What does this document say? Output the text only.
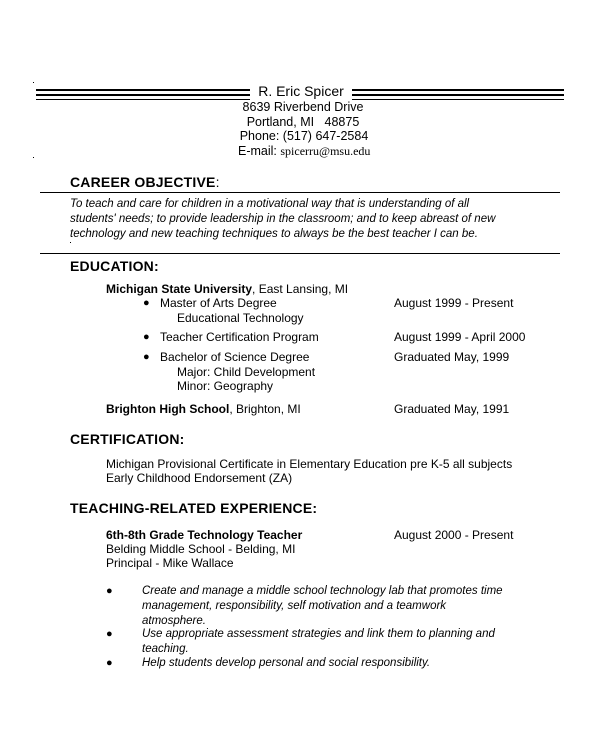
R. Eric Spicer
8639 Riverbend Drive
Portland, MI   48875
Phone: (517) 647-2584
E-mail: spicerru@msu.edu
CAREER OBJECTIVE:
To teach and care for children in a motivational way that is understanding of all
students' needs; to provide leadership in the classroom; and to keep abreast of new
technology and new teaching techniques to always be the best teacher I can be.
EDUCATION:
Michigan State University, East Lansing, MI
● Master of Arts Degree	August 1999 - Present
Educational Technology
● Teacher Certification Program	August 1999 - April 2000
● Bachelor of Science Degree	Graduated May, 1999
Major: Child Development
Minor: Geography
Brighton High School, Brighton, MI	Graduated May, 1991
CERTIFICATION:
Michigan Provisional Certificate in Elementary Education pre K-5 all subjects
Early Childhood Endorsement (ZA)
TEACHING-RELATED EXPERIENCE:
6th-8th Grade Technology Teacher	August 2000 - Present
Belding Middle School - Belding, MI
Principal - Mike Wallace
●	Create and manage a middle school technology lab that promotes time
management, responsibility, self motivation and a teamwork
atmosphere.
●	Use appropriate assessment strategies and link them to planning and
teaching.
●	Help students develop personal and social responsibility.
